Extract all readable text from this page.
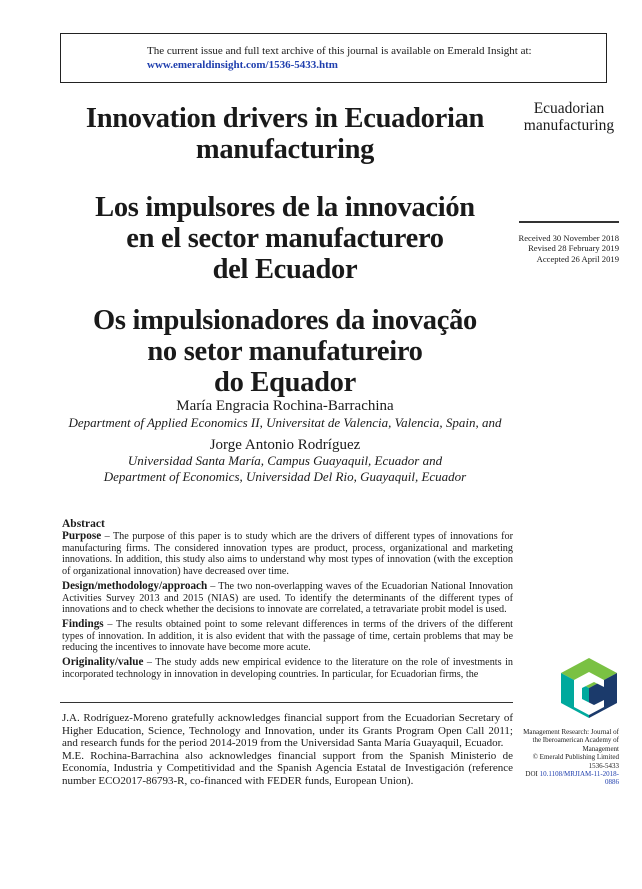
The current issue and full text archive of this journal is available on Emerald Insight at:
www.emeraldinsight.com/1536-5433.htm
Innovation drivers in Ecuadorian
manufacturing
Los impulsores de la innovación
en el sector manufacturero
del Ecuador
Os impulsionadores da inovação
no setor manufatureiro
do Equador
Ecuadorian
manufacturing
Received 30 November 2018
Revised 28 February 2019
Accepted 26 April 2019
María Engracia Rochina-Barrachina
Department of Applied Economics II, Universitat de Valencia, Valencia, Spain, and
Jorge Antonio Rodríguez
Universidad Santa María, Campus Guayaquil, Ecuador and
Department of Economics, Universidad Del Rio, Guayaquil, Ecuador
Abstract

Purpose – The purpose of this paper is to study which are the drivers of different types of innovations for manufacturing firms. The considered innovation types are product, process, organizational and marketing innovations. In addition, this study also aims to understand why most types of innovation (with the exception of organizational innovation) have decreased over time.

Design/methodology/approach – The two non-overlapping waves of the Ecuadorian National Innovation Activities Survey 2013 and 2015 (NIAS) are used. To identify the determinants of the different types of innovations and to check whether the decisions to innovate are correlated, a tetravariate probit model is used.

Findings – The results obtained point to some relevant differences in terms of the drivers of the different types of innovation. In addition, it is also evident that with the passage of time, certain problems that may be reducing the incentives to innovate have become more acute.

Originality/value – The study adds new empirical evidence to the literature on the role of investments in incorporated technology in innovation in developing countries. In particular, for Ecuadorian firms, the

J.A. Rodríguez-Moreno gratefully acknowledges financial support from the Ecuadorian Secretary of Higher Education, Science, Technology and Innovation, under its Grants Program Open Call 2011; and research funds for the period 2014-2019 from the Universidad Santa María Guayaquil, Ecuador.

M.E. Rochina-Barrachina also acknowledges financial support from the Spanish Ministerio de Economía, Industria y Competitividad and the Spanish Agencia Estatal de Investigación (reference number ECO2017-86793-R, co-financed with FEDER funds, European Union).

Management Research: Journal of
the Iberoamerican Academy of
Management
© Emerald Publishing Limited
1536-5433
DOI 10.1108/MRJIAM-11-2018-0886
